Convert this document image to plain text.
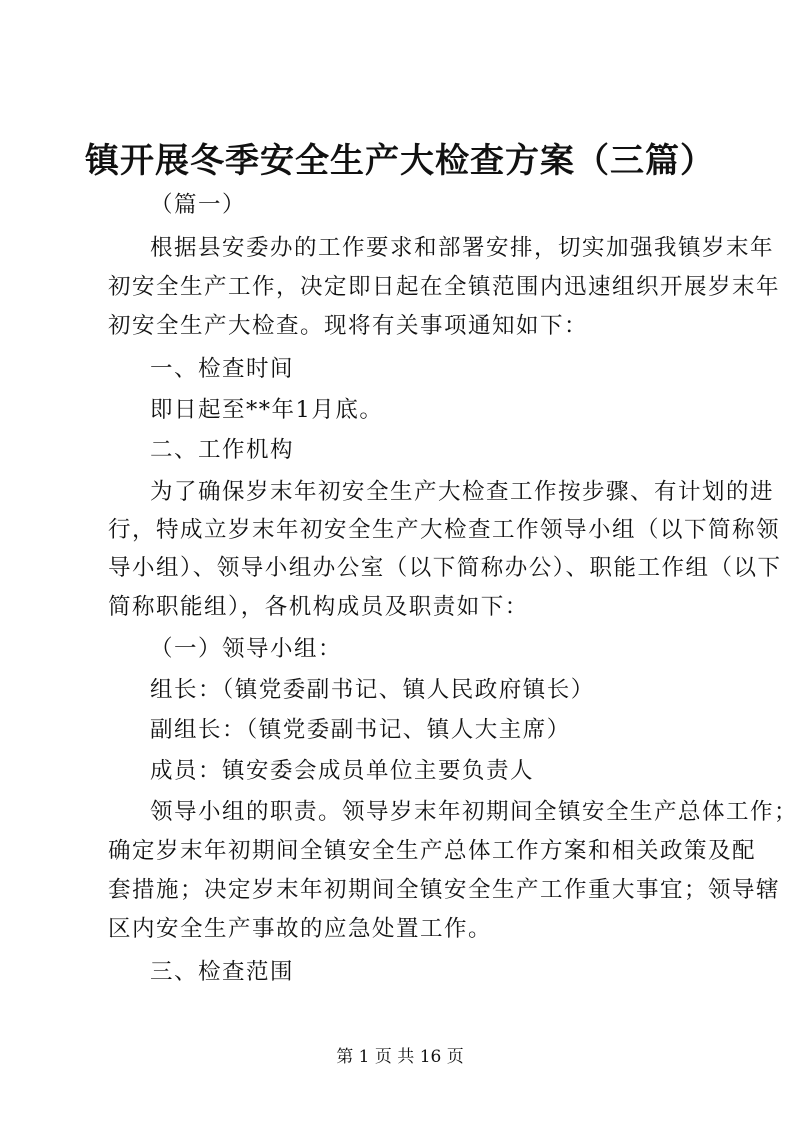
镇开展冬季安全生产大检查方案（三篇）
（篇一）
根据县安委办的工作要求和部署安排，切实加强我镇岁末年
初安全生产工作，决定即日起在全镇范围内迅速组织开展岁末年
初安全生产大检查。现将有关事项通知如下：
一、检查时间
即日起至**年1月底。
二、工作机构
为了确保岁末年初安全生产大检查工作按步骤、有计划的进
行，特成立岁末年初安全生产大检查工作领导小组（以下简称领
导小组）、领导小组办公室（以下简称办公）、职能工作组（以下
简称职能组），各机构成员及职责如下：
（一）领导小组：
组长：（镇党委副书记、镇人民政府镇长）
副组长：（镇党委副书记、镇人大主席）
成员：镇安委会成员单位主要负责人
领导小组的职责。领导岁末年初期间全镇安全生产总体工作；
确定岁末年初期间全镇安全生产总体工作方案和相关政策及配
套措施；决定岁末年初期间全镇安全生产工作重大事宜；领导辖
区内安全生产事故的应急处置工作。
三、检查范围
第 1 页 共 16 页
